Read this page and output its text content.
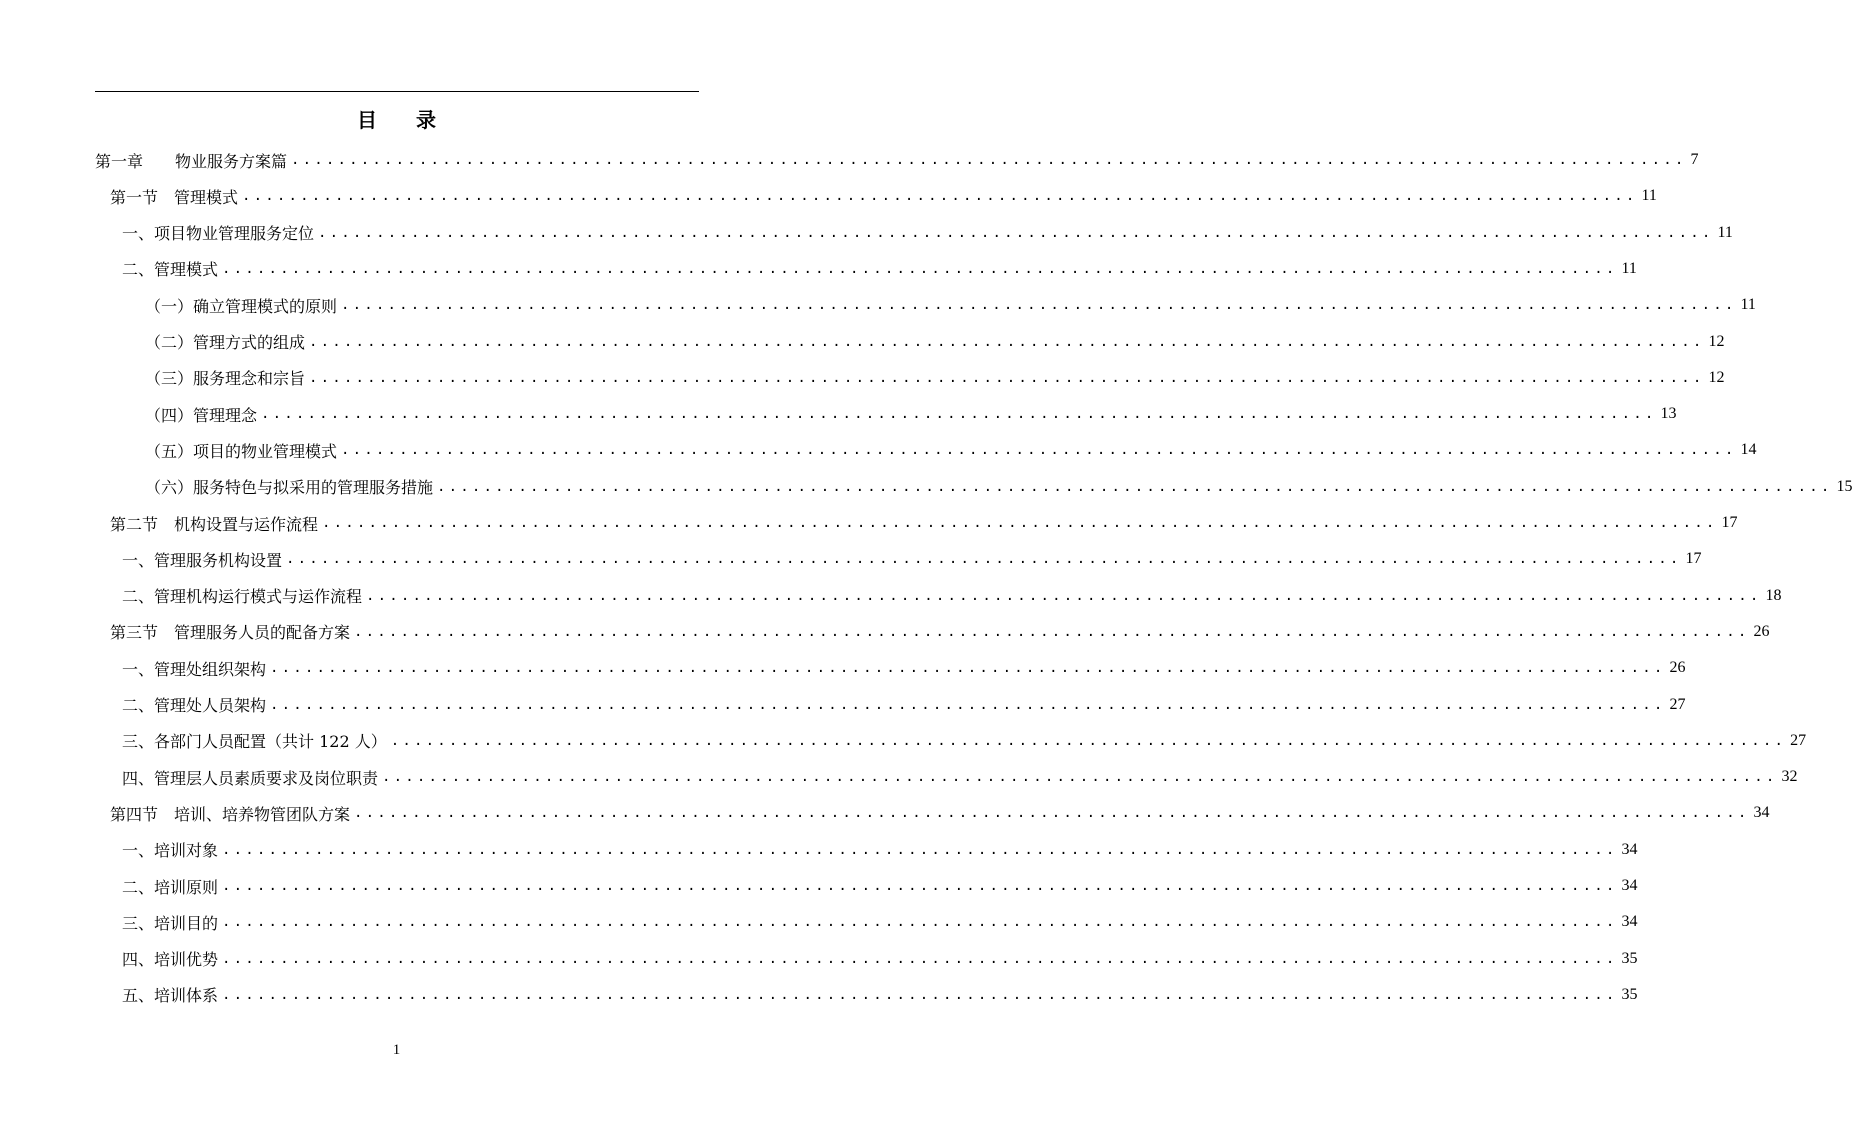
目 录
第一章　　物业服务方案篇 ........................................................................................................................ 7
第一节　管理模式 ........................................................................................................................ 11
一、项目物业管理服务定位 ........................................................................................................................ 11
二、管理模式 ........................................................................................................................ 11
（一）确立管理模式的原则 ........................................................................................................................ 11
（二）管理方式的组成 ........................................................................................................................ 12
（三）服务理念和宗旨 ........................................................................................................................ 12
（四）管理理念 ........................................................................................................................ 13
（五）项目的物业管理模式 ........................................................................................................................ 14
（六）服务特色与拟采用的管理服务措施 ........................................................................................................................ 15
第二节　机构设置与运作流程 ........................................................................................................................ 17
一、管理服务机构设置 ........................................................................................................................ 17
二、管理机构运行模式与运作流程 ........................................................................................................................ 18
第三节　管理服务人员的配备方案 ........................................................................................................................ 26
一、管理处组织架构 ........................................................................................................................ 26
二、管理处人员架构 ........................................................................................................................ 27
三、各部门人员配置（共计 122 人） ........................................................................................................................ 27
四、管理层人员素质要求及岗位职责 ........................................................................................................................ 32
第四节　培训、培养物管团队方案 ........................................................................................................................ 34
一、培训对象 ........................................................................................................................ 34
二、培训原则 ........................................................................................................................ 34
三、培训目的 ........................................................................................................................ 34
四、培训优势 ........................................................................................................................ 35
五、培训体系 ........................................................................................................................ 35
1
